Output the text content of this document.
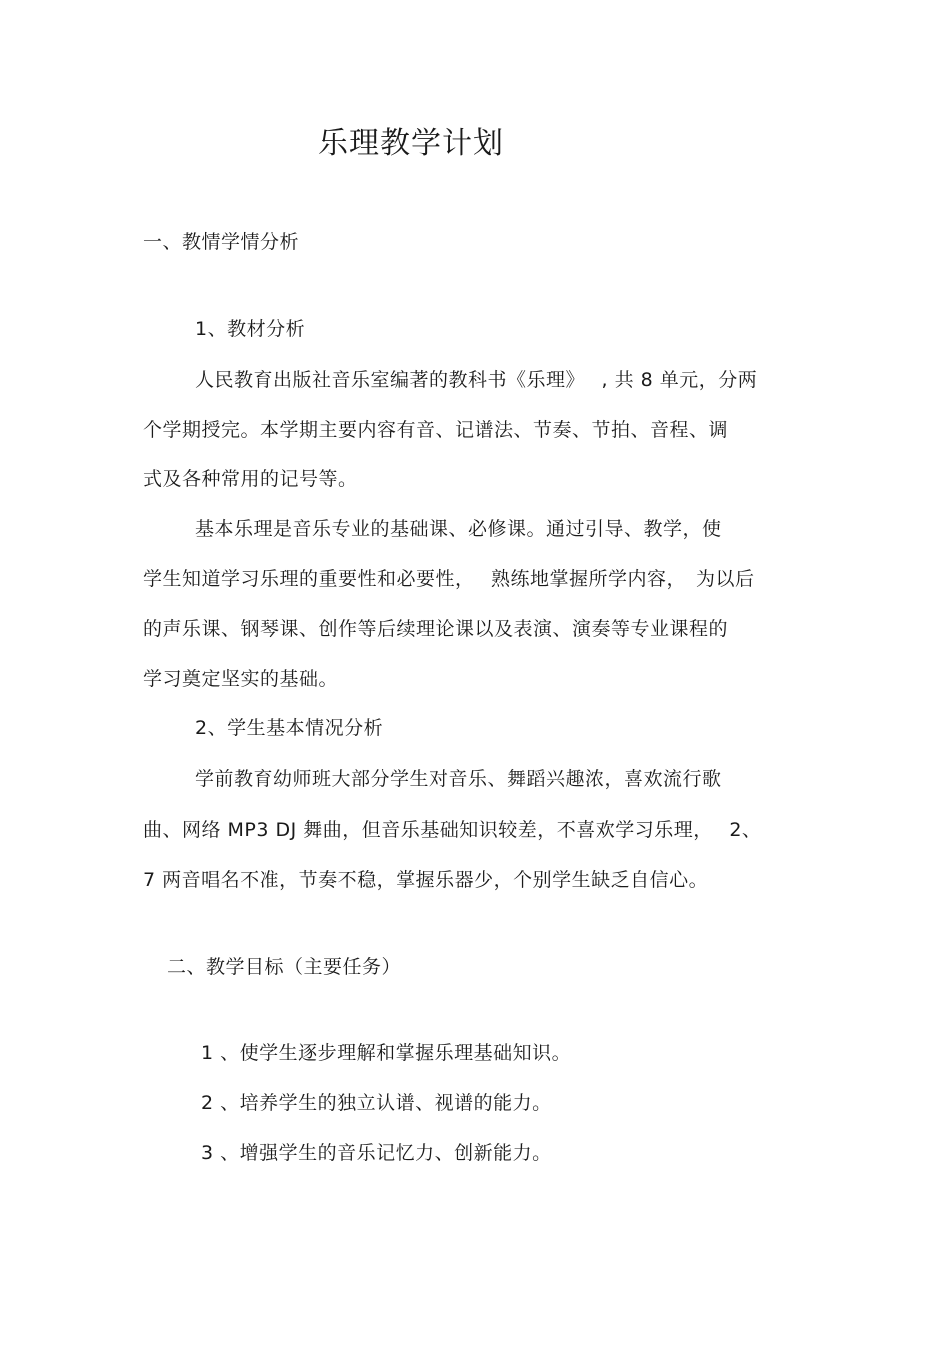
乐理教学计划
一、教情学情分析
1、教材分析
人民教育出版社音乐室编著的教科书《乐理》　 , 共 8 单元，分两
个学期授完。本学期主要内容有音、记谱法、节奏、节拍、音程、调
式及各种常用的记号等。
基本乐理是音乐专业的基础课、必修课。通过引导、教学，使
学生知道学习乐理的重要性和必要性，　 熟练地掌握所学内容，　为以后
的声乐课、钢琴课、创作等后续理论课以及表演、演奏等专业课程的
学习奠定坚实的基础。
2、学生基本情况分析
学前教育幼师班大部分学生对音乐、舞蹈兴趣浓，喜欢流行歌
曲、网络 MP3 DJ 舞曲，但音乐基础知识较差，不喜欢学习乐理，　 2、
7 两音唱名不准，节奏不稳，掌握乐器少，个别学生缺乏自信心。
二、教学目标（主要任务）
1 、使学生逐步理解和掌握乐理基础知识。
2 、培养学生的独立认谱、视谱的能力。
3 、增强学生的音乐记忆力、创新能力。
